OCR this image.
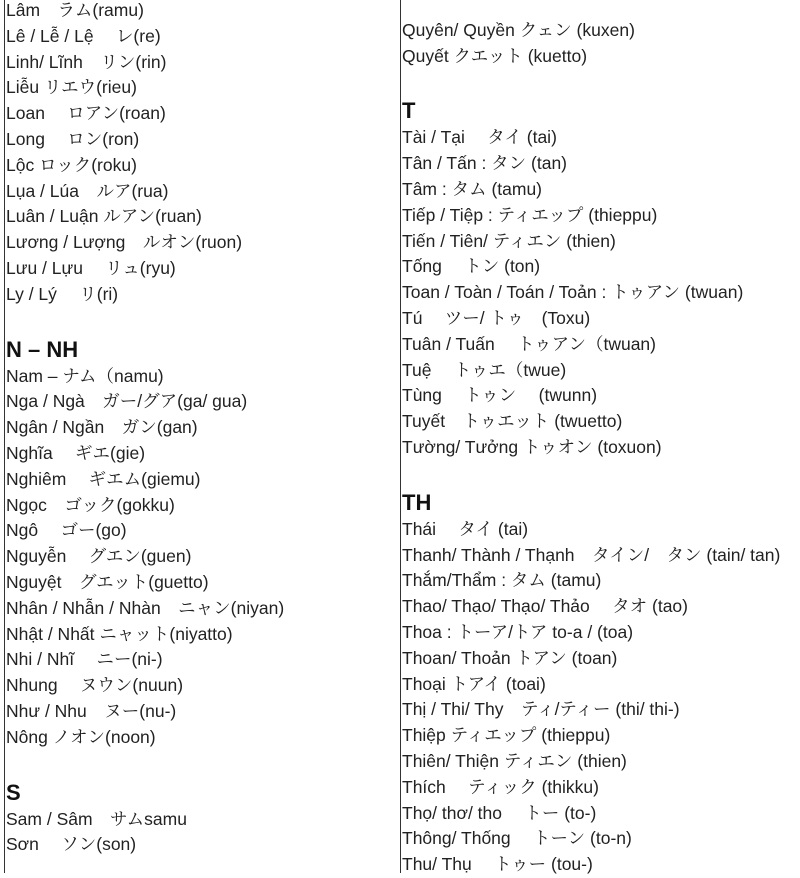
Lâm　ラム(ramu)
Lê / Lễ / Lệ　 レ(re)
Linh/ Lĩnh　リン(rin)
Liễu リエウ(rieu)
Loan　 ロアン(roan)
Long　 ロン(ron)
Lộc ロック(roku)
Lụa / Lúa　ルア(rua)
Luân / Luận ルアン(ruan)
Lương / Lượng　ルオン(ruon)
Lưu / Lựu　 リュ(ryu)
Ly / Lý　 リ(ri)
N – NH
Nam – ナム（namu)
Nga / Ngà　ガー/グア(ga/ gua)
Ngân / Ngần　ガン(gan)
Nghĩa　 ギエ(gie)
Nghiêm　 ギエム(giemu)
Ngọc　ゴック(gokku)
Ngô　 ゴー(go)
Nguyễn　 グエン(guen)
Nguyệt　グエット(guetto)
Nhân / Nhẫn / Nhàn　ニャン(niyan)
Nhật / Nhất ニャット(niyatto)
Nhi / Nhĩ　 ニー(ni-)
Nhung　 ヌウン(nuun)
Như / Nhu　ヌー(nu-)
Nông ノオン(noon)
S
Sam / Sâm　サムsamu
Sơn　 ソン(son)
Quyên/ Quyền クェン (kuxen)
Quyết クエット (kuetto)
T
Tài / Tại　 タイ (tai)
Tân / Tấn : タン (tan)
Tâm : タム (tamu)
Tiếp / Tiệp : ティエップ (thieppu)
Tiến / Tiên/ ティエン (thien)
Tống　 トン (ton)
Toan / Toàn / Toán / Toản : トゥアン (twuan)
Tú　 ツー/ トゥ　(Toxu)
Tuân / Tuấn　 トゥアン（twuan)
Tuệ　 トゥエ（twue)
Tùng　 トゥン　 (twunn)
Tuyết　トゥエット (twuetto)
Tường/ Tưởng トゥオン (toxuon)
TH
Thái　 タイ (tai)
Thanh/ Thành / Thạnh　タイン/　タン (tain/ tan)
Thắm/Thẩm : タム (tamu)
Thao/ Thạo/ Thạo/ Thảo　 タオ (tao)
Thoa : トーア/トア to-a / (toa)
Thoan/ Thoản トアン (toan)
Thoại トアイ (toai)
Thị / Thi/ Thy　ティ/ティー (thi/ thi-)
Thiệp ティエップ (thieppu)
Thiên/ Thiện ティエン (thien)
Thích　 ティック (thikku)
Thọ/ thơ/ tho　 トー (to-)
Thông/ Thống　 トーン (to-n)
Thu/ Thụ　 トゥー (tou-)
